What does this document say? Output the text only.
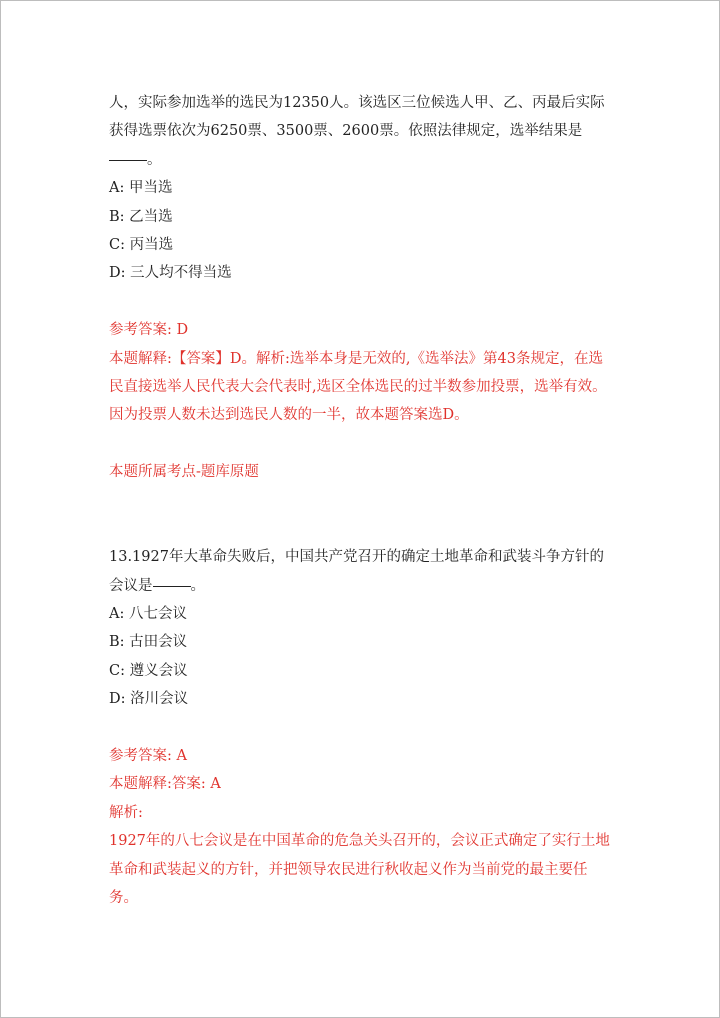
人，实际参加选举的选民为12350人。该选区三位候选人甲、乙、丙最后实际
获得选票依次为6250票、3500票、2600票。依照法律规定，选举结果是
。
A: 甲当选
B: 乙当选
C: 丙当选
D: 三人均不得当选
参考答案: D
本题解释:【答案】D。解析:选举本身是无效的,《选举法》第43条规定，在选
民直接选举人民代表大会代表时,选区全体选民的过半数参加投票，选举有效。
因为投票人数未达到选民人数的一半，故本题答案选D。
本题所属考点-题库原题
13.1927年大革命失败后，中国共产党召开的确定土地革命和武装斗争方针的
会议是	。
A: 八七会议
B: 古田会议
C: 遵义会议
D: 洛川会议
参考答案: A
本题解释:答案: A
解析:
1927年的八七会议是在中国革命的危急关头召开的，会议正式确定了实行土地
革命和武装起义的方针，并把领导农民进行秋收起义作为当前党的最主要任
务。
